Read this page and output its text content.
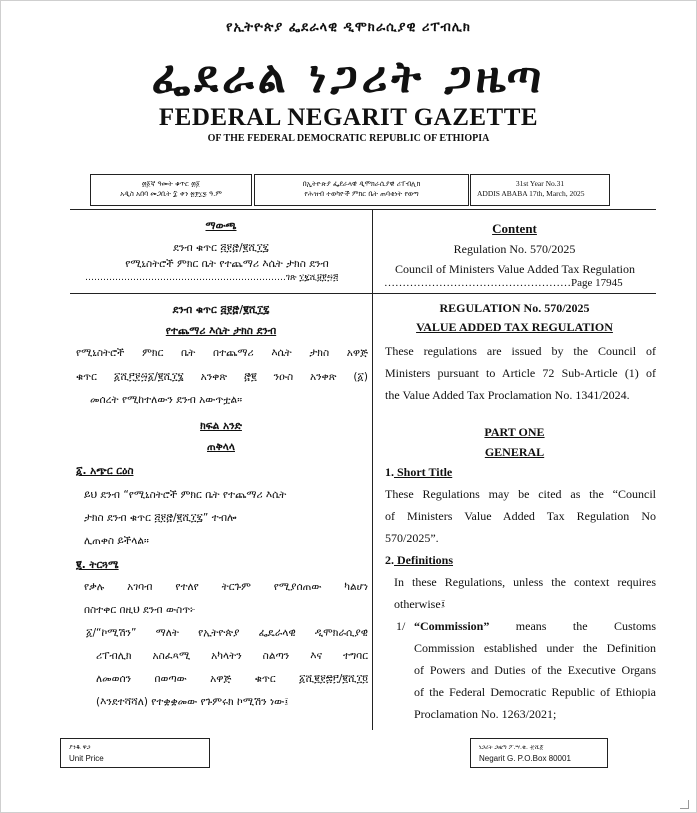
የኢትዮጵያ ፌደራላዊ ዲሞክራሲያዊ ሪፐብሊክ
ፌደራል ነጋሪት ጋዜጣ
FEDERAL NEGARIT GAZETTE
OF THE FEDERAL DEMOCRATIC REPUBLIC OF ETHIOPIA
፴፩ኛ ዓመት ቁጥር ፴፩
አዲስ አበባ መጋቢት ፰ ቀን ፳፻፲፯ ዓ.ም
በኢትዮጵያ ፌደራላዊ ዲሞክራሲያዊ ሪፐብሊክ
የሕዝብ ተወካዮች ምክር ቤት ጠባቂነት የወጣ
31st Year No.31
ADDIS ABABA 17th, March, 2025
ማውጫ
ደንብ ቁጥር ፭፻፸/፪ሺ፲፯
የሚኒስትሮች ምክር ቤት የተጨማሪ እሴት ታክስ ደንብ
………………………………………………………….ገጽ ፲፯ሺ፱፻፵፭
Content
Regulation No. 570/2025
Council of Ministers Value Added Tax Regulation
……………………………………………Page 17945
ደንብ ቁጥር ፭፻፸/፪ሺ፲፯
የተጨማሪ እሴት ታክስ ደንብ
የሚኒስትሮች ምክር ቤት በተጨማሪ እሴት ታክስ አዋጅ
ቁጥር ፩ሺ፫፻፵፩/፪ሺ፲፮ አንቀጽ ፸፪ ንዑስ አንቀጽ (፩)
መሰረት የሚከተለውን ደንብ አውጥቷል።
ክፍል አንድ
ጠቅላላ
፩. አጭር ርዕስ
ይህ ደንብ “የሚኒስትሮች ምክር ቤት የተጨማሪ እሴት
ታክስ ደንብ ቁጥር ፭፻፸/፪ሺ፲፯” ተብሎ
ሊጠቀስ ይችላል።
፪. ትርጓሜ
የቃሉ አገባብ የተለየ ትርጉም የሚያሰጠው ካልሆነ
በስተቀር በዚህ ደንብ ውስጥ፦
፩/“ኮሚሽን” ማለት የኢትዮጵያ ፌዴራላዊ ዲሞክራሲያዊ
ሪፐብሊክ አስፈጻሚ አካላትን ስልጣን እና ተግባር
ለመወሰን በወጣው አዋጅ ቁጥር ፩ሺ፪፻፷፫/፪ሺ፲፬
(እንደተሻሻለ) የተቋቋመው የጉምሩክ ኮሚሽን ነው፤
REGULATION No. 570/2025
VALUE ADDED TAX REGULATION
These regulations are issued by the Council of
Ministers pursuant to Article 72 Sub-Article (1) of
the Value Added Tax Proclamation No. 1341/2024.
PART ONE
GENERAL
1. Short Title
These Regulations may be cited as the “Council
of Ministers Value Added Tax Regulation No
570/2025”.
2. Definitions
In these Regulations, unless the context requires
otherwise፤
1/ “Commission” means the Customs
Commission established under the Definition
of Powers and Duties of the Executive Organs
of the Federal Democratic Republic of Ethiopia
Proclamation No. 1263/2021;
ያንዱ ዋጋ
Unit Price
ነጋሪት ጋዜጣ ፖ.ሣ.ቁ. ፹ሺ፩
Negarit G. P.O.Box 80001
